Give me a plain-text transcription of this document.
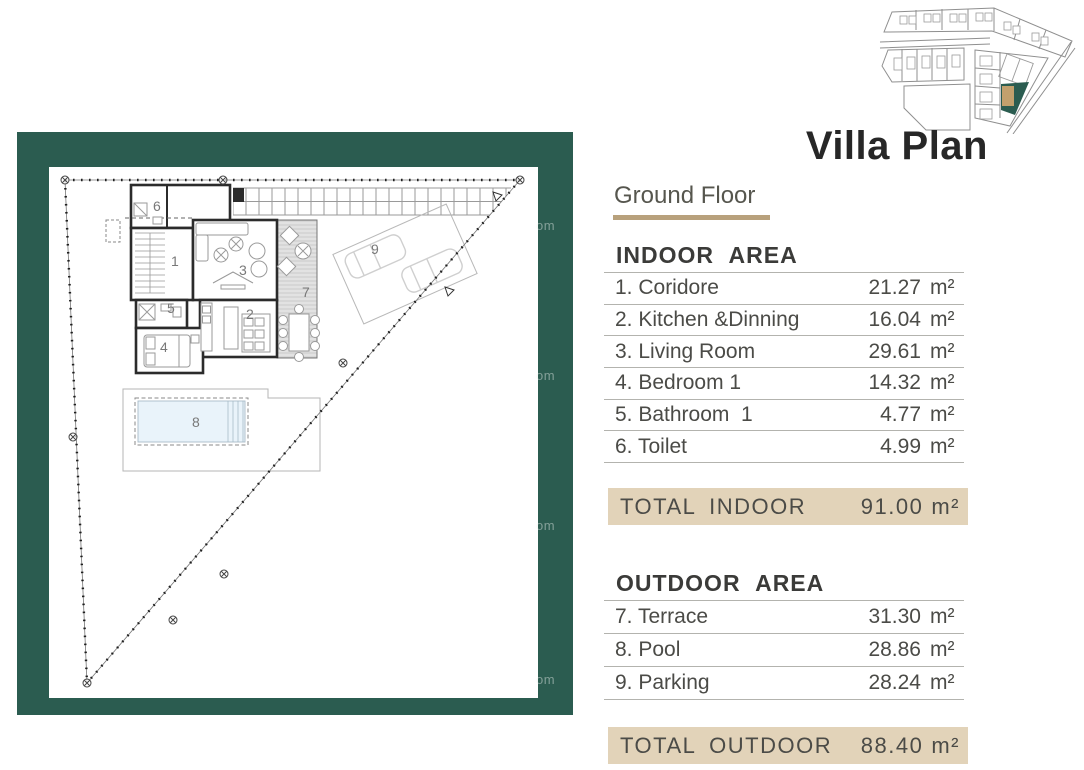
1
2
3
4
5
6
7
8
9
om
om
om
om
Villa Plan
Ground Floor
INDOOR AREA
1. Coridore	21.27 m²
2. Kitchen &Dinning	16.04 m²
3. Living Room	29.61 m²
4. Bedroom 1	14.32 m²
5. Bathroom  1	4.77 m²
6. Toilet	4.99 m²
TOTAL INDOOR	91.00 m²
OUTDOOR AREA
7. Terrace	31.30 m²
8. Pool	28.86 m²
9. Parking	28.24 m²
TOTAL OUTDOOR	88.40 m²
